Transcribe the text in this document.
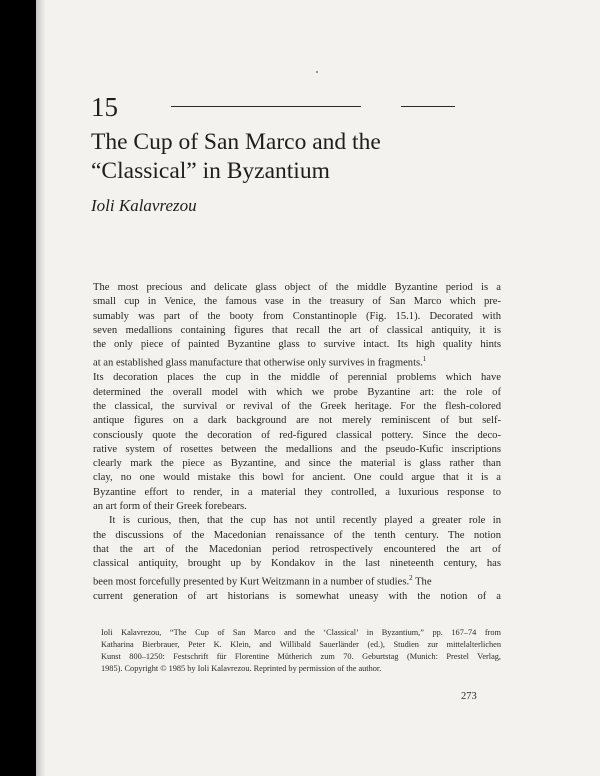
15
The Cup of San Marco and the
“Classical” in Byzantium
Ioli Kalavrezou

The most precious and delicate glass object of the middle Byzantine period is a
small cup in Venice, the famous vase in the treasury of San Marco which pre-
sumably was part of the booty from Constantinople (Fig. 15.1). Decorated with
seven medallions containing figures that recall the art of classical antiquity, it is
the only piece of painted Byzantine glass to survive intact. Its high quality hints
at an established glass manufacture that otherwise only survives in fragments.$^1$
Its decoration places the cup in the middle of perennial problems which have
determined the overall model with which we probe Byzantine art: the role of
the classical, the survival or revival of the Greek heritage. For the flesh-colored
antique figures on a dark background are not merely reminiscent of but self-
consciously quote the decoration of red-figured classical pottery. Since the deco-
rative system of rosettes between the medallions and the pseudo-Kufic inscriptions
clearly mark the piece as Byzantine, and since the material is glass rather than
clay, no one would mistake this bowl for ancient. One could argue that it is a
Byzantine effort to render, in a material they controlled, a luxurious response to
an art form of their Greek forebears.

It is curious, then, that the cup has not until recently played a greater role in
the discussions of the Macedonian renaissance of the tenth century. The notion
that the art of the Macedonian period retrospectively encountered the art of
classical antiquity, brought up by Kondakov in the last nineteenth century, has
been most forcefully presented by Kurt Weitzmann in a number of studies.$^2$ The
current generation of art historians is somewhat uneasy with the notion of a

Ioli Kalavrezou, “The Cup of San Marco and the ‘Classical’ in Byzantium,” pp. 167–74 from
Katharina Bierbrauer, Peter K. Klein, and Willibald Sauerländer (ed.), Studien zur mittelalterlichen
Kunst 800–1250: Festschrift für Florentine Mütherich zum 70. Geburtstag (Munich: Prestel Verlag,
1985). Copyright © 1985 by Ioli Kalavrezou. Reprinted by permission of the author.
273
